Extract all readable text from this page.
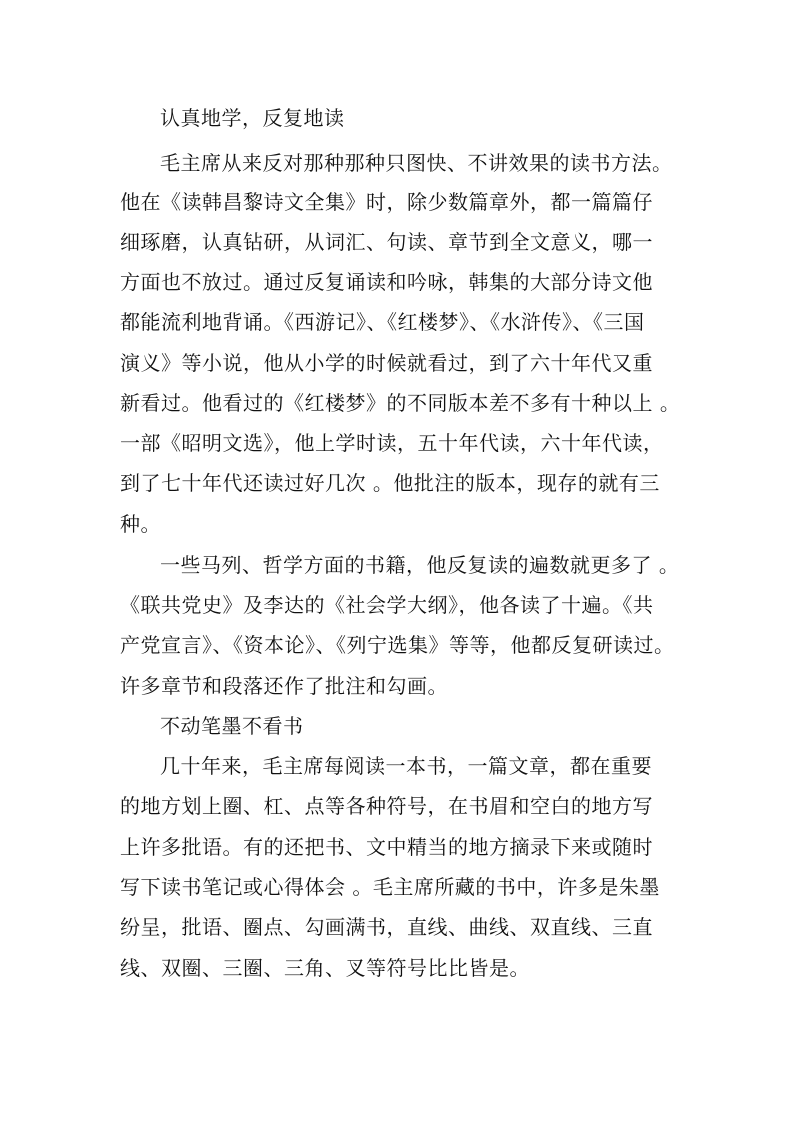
认真地学，反复地读
毛主席从来反对那种那种只图快、不讲效果的读书方法。
他在《读韩昌黎诗文全集》时，除少数篇章外，都一篇篇仔
细琢磨，认真钻研，从词汇、句读、章节到全文意义，哪一
方面也不放过。通过反复诵读和吟咏，韩集的大部分诗文他
都能流利地背诵。《西游记》、《红楼梦》、《水浒传》、《三国
演义》等小说，他从小学的时候就看过，到了六十年代又重
新看过。他看过的《红楼梦》的不同版本差不多有十种以上 。
一部《昭明文选》，他上学时读，五十年代读，六十年代读，
到了七十年代还读过好几次 。他批注的版本，现存的就有三
种。
一些马列、哲学方面的书籍，他反复读的遍数就更多了 。
《联共党史》及李达的《社会学大纲》，他各读了十遍。《共
产党宣言》、《资本论》、《列宁选集》等等，他都反复研读过。
许多章节和段落还作了批注和勾画。
不动笔墨不看书
几十年来，毛主席每阅读一本书，一篇文章，都在重要
的地方划上圈、杠、点等各种符号，在书眉和空白的地方写
上许多批语。有的还把书、文中精当的地方摘录下来或随时
写下读书笔记或心得体会 。毛主席所藏的书中，许多是朱墨
纷呈，批语、圈点、勾画满书，直线、曲线、双直线、三直
线、双圈、三圈、三角、叉等符号比比皆是。
